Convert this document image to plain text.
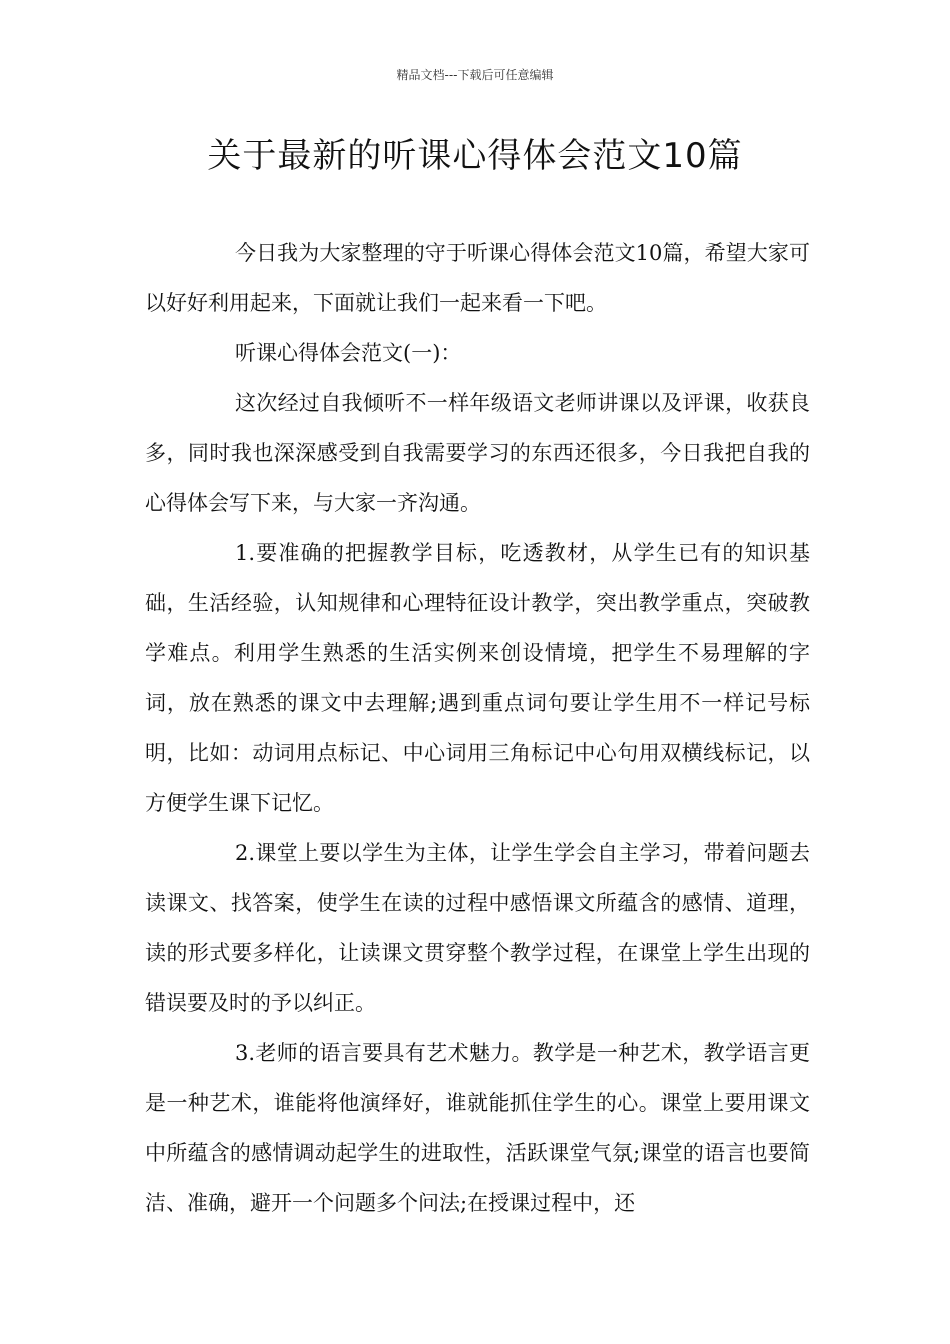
精品文档---下载后可任意编辑
关于最新的听课心得体会范文10篇

今日我为大家整理的守于听课心得体会范文10篇，希望大家可以好好利用起来，下面就让我们一起来看一下吧。

听课心得体会范文(一)：

这次经过自我倾听不一样年级语文老师讲课以及评课，收获良多，同时我也深深感受到自我需要学习的东西还很多，今日我把自我的心得体会写下来，与大家一齐沟通。

1.要准确的把握教学目标，吃透教材，从学生已有的知识基础，生活经验，认知规律和心理特征设计教学，突出教学重点，突破教学难点。利用学生熟悉的生活实例来创设情境，把学生不易理解的字词，放在熟悉的课文中去理解;遇到重点词句要让学生用不一样记号标明，比如：动词用点标记、中心词用三角标记中心句用双横线标记，以方便学生课下记忆。

2.课堂上要以学生为主体，让学生学会自主学习，带着问题去读课文、找答案，使学生在读的过程中感悟课文所蕴含的感情、道理，读的形式要多样化，让读课文贯穿整个教学过程，在课堂上学生出现的错误要及时的予以纠正。

3.老师的语言要具有艺术魅力。教学是一种艺术，教学语言更是一种艺术，谁能将他演绎好，谁就能抓住学生的心。课堂上要用课文中所蕴含的感情调动起学生的进取性，活跃课堂气氛;课堂的语言也要简洁、准确，避开一个问题多个问法;在授课过程中，还
